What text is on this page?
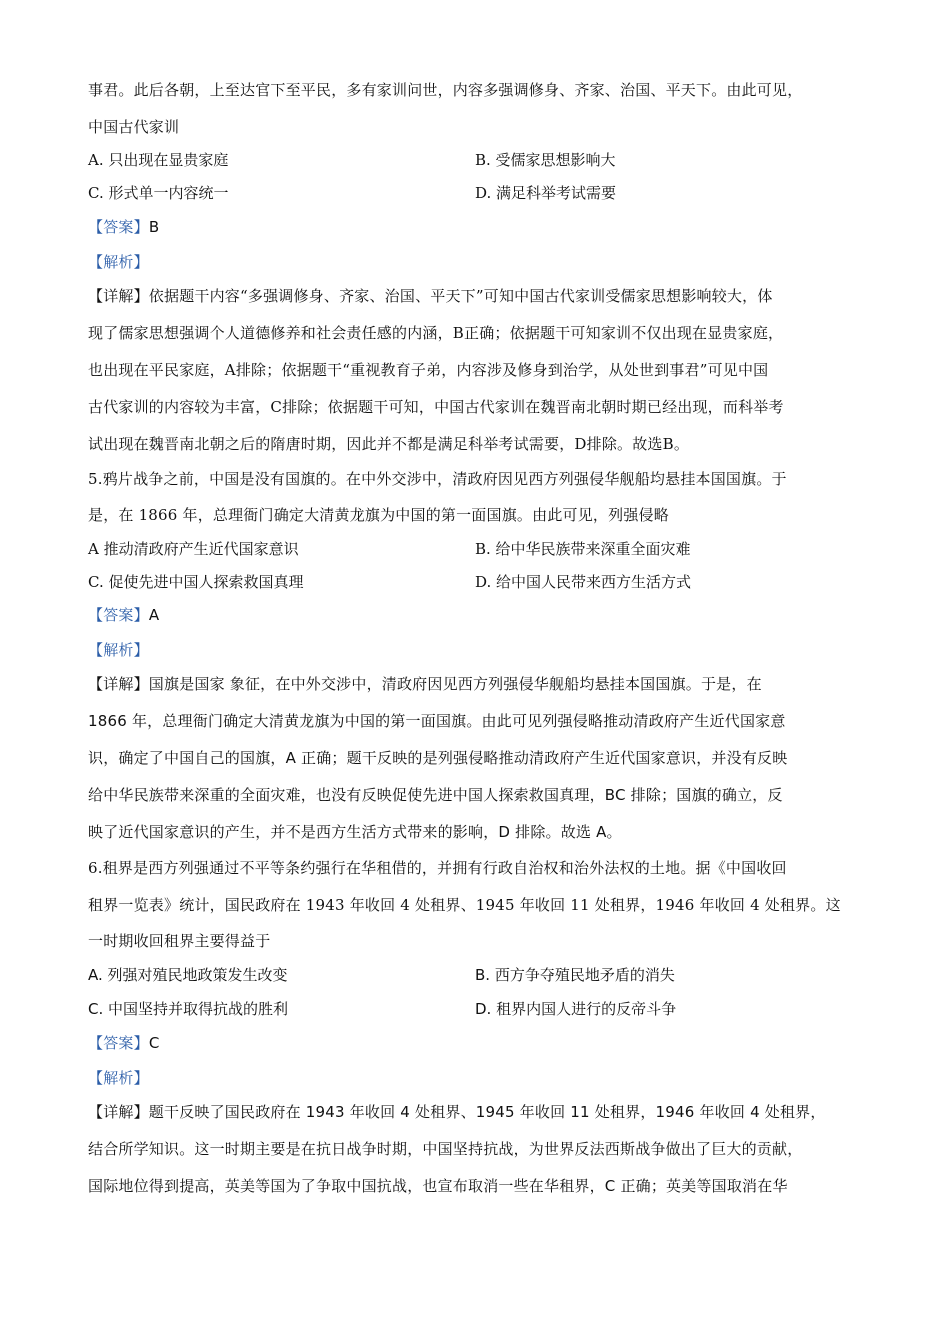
事君。此后各朝，上至达官下至平民，多有家训问世，内容多强调修身、齐家、治国、平天下。由此可见，
中国古代家训
A. 只出现在显贵家庭	B. 受儒家思想影响大
C. 形式单一内容统一	D. 满足科举考试需要
【答案】B
【解析】
【详解】依据题干内容“多强调修身、齐家、治国、平天下”可知中国古代家训受儒家思想影响较大，体
现了儒家思想强调个人道德修养和社会责任感的内涵，B正确；依据题干可知家训不仅出现在显贵家庭，
也出现在平民家庭，A排除；依据题干“重视教育子弟，内容涉及修身到治学，从处世到事君”可见中国
古代家训的内容较为丰富，C排除；依据题干可知，中国古代家训在魏晋南北朝时期已经出现，而科举考
试出现在魏晋南北朝之后的隋唐时期，因此并不都是满足科举考试需要，D排除。故选B。
5.鸦片战争之前，中国是没有国旗的。在中外交涉中，清政府因见西方列强侵华舰船均悬挂本国国旗。于
是，在 1866 年，总理衙门确定大清黄龙旗为中国的第一面国旗。由此可见，列强侵略
A 推动清政府产生近代国家意识	B. 给中华民族带来深重全面灾难
C. 促使先进中国人探索救国真理	D. 给中国人民带来西方生活方式
【答案】A
【解析】
【详解】国旗是国家 象征，在中外交涉中，清政府因见西方列强侵华舰船均悬挂本国国旗。于是，在
1866 年，总理衙门确定大清黄龙旗为中国的第一面国旗。由此可见列强侵略推动清政府产生近代国家意
识，确定了中国自己的国旗，A 正确；题干反映的是列强侵略推动清政府产生近代国家意识，并没有反映
给中华民族带来深重的全面灾难，也没有反映促使先进中国人探索救国真理，BC 排除；国旗的确立，反
映了近代国家意识的产生，并不是西方生活方式带来的影响，D 排除。故选 A。
6.租界是西方列强通过不平等条约强行在华租借的，并拥有行政自治权和治外法权的土地。据《中国收回
租界一览表》统计，国民政府在 1943 年收回 4 处租界、1945 年收回 11 处租界，1946 年收回 4 处租界。这
一时期收回租界主要得益于
A. 列强对殖民地政策发生改变	B. 西方争夺殖民地矛盾的消失
C. 中国坚持并取得抗战的胜利	D. 租界内国人进行的反帝斗争
【答案】C
【解析】
【详解】题干反映了国民政府在 1943 年收回 4 处租界、1945 年收回 11 处租界，1946 年收回 4 处租界，
结合所学知识。这一时期主要是在抗日战争时期，中国坚持抗战，为世界反法西斯战争做出了巨大的贡献，
国际地位得到提高，英美等国为了争取中国抗战，也宣布取消一些在华租界，C 正确；英美等国取消在华
